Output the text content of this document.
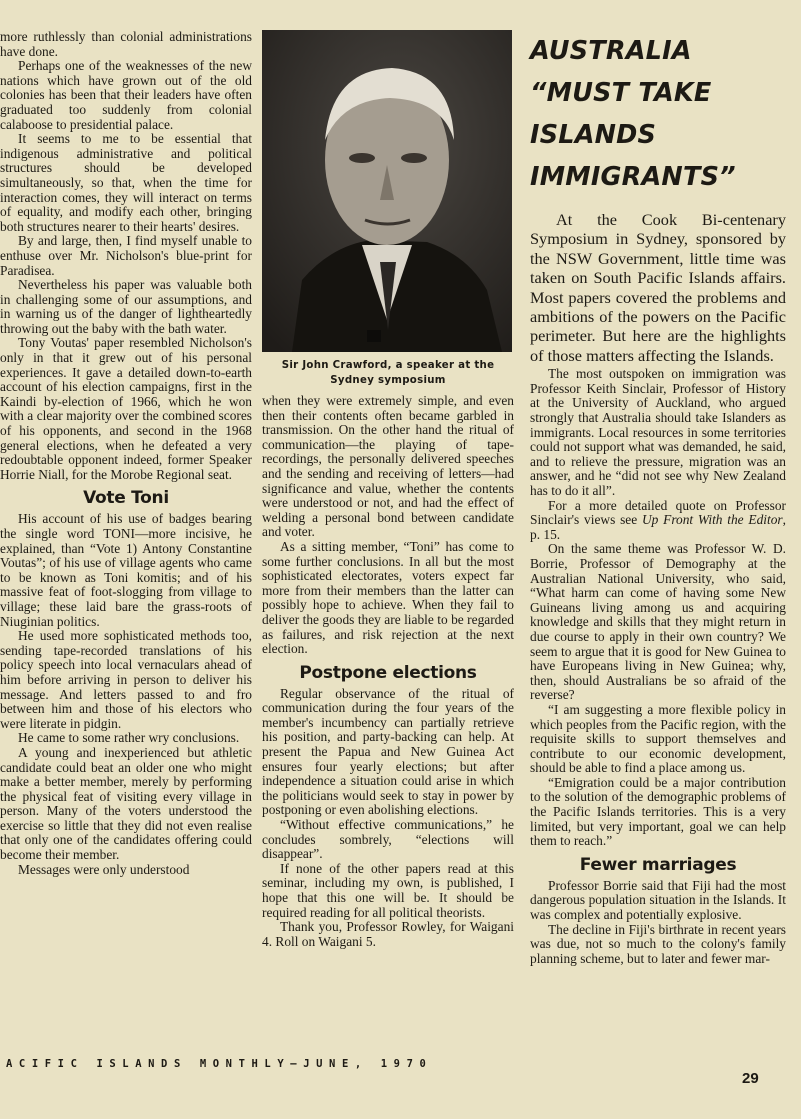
more ruthlessly than colonial administrations have done.

Perhaps one of the weaknesses of the new nations which have grown out of the old colonies has been that their leaders have often graduated too suddenly from colonial calaboose to presidential palace.

It seems to me to be essential that indigenous administrative and political structures should be developed simultaneously, so that, when the time for interaction comes, they will interact on terms of equality, and modify each other, bringing both structures nearer to their hearts' desires.

By and large, then, I find myself unable to enthuse over Mr. Nicholson's blue-print for Paradisea.

Nevertheless his paper was valuable both in challenging some of our assumptions, and in warning us of the danger of lightheartedly throwing out the baby with the bath water.

Tony Voutas' paper resembled Nicholson's only in that it grew out of his personal experiences. It gave a detailed down-to-earth account of his election campaigns, first in the Kaindi by-election of 1966, which he won with a clear majority over the combined scores of his opponents, and second in the 1968 general elections, when he defeated a very redoubtable opponent indeed, former Speaker Horrie Niall, for the Morobe Regional seat.

Vote Toni

His account of his use of badges bearing the single word TONI—more incisive, he explained, than “Vote 1) Antony Constantine Voutas”; of his use of village agents who came to be known as Toni komitis; and of his massive feat of foot-slogging from village to village; these laid bare the grass-roots of Niuginian politics.

He used more sophisticated methods too, sending tape-recorded translations of his policy speech into local vernaculars ahead of him before arriving in person to deliver his message. And letters passed to and fro between him and those of his electors who were literate in pidgin.

He came to some rather wry conclusions.

A young and inexperienced but athletic candidate could beat an older one who might make a better member, merely by performing the physical feat of visiting every village in person. Many of the voters understood the exercise so little that they did not even realise that only one of the candidates offering could become their member.

Messages were only understood

Sir John Crawford, a speaker at the Sydney symposium

when they were extremely simple, and even then their contents often became garbled in transmission. On the other hand the ritual of communication—the playing of tape-recordings, the personally delivered speeches and the sending and receiving of letters—had significance and value, whether the contents were understood or not, and had the effect of welding a personal bond between candidate and voter.

As a sitting member, “Toni” has come to some further conclusions. In all but the most sophisticated electorates, voters expect far more from their members than the latter can possibly hope to achieve. When they fail to deliver the goods they are liable to be regarded as failures, and risk rejection at the next election.

Postpone elections

Regular observance of the ritual of communication during the four years of the member's incumbency can partially retrieve his position, and party-backing can help. At present the Papua and New Guinea Act ensures four yearly elections; but after independence a situation could arise in which the politicians would seek to stay in power by postponing or even abolishing elections.

“Without effective communications,” he concludes sombrely, “elections will disappear”.

If none of the other papers read at this seminar, including my own, is published, I hope that this one will be. It should be required reading for all political theorists.

Thank you, Professor Rowley, for Waigani 4. Roll on Waigani 5.

AUSTRALIA “MUST TAKE ISLANDS IMMIGRANTS”

At the Cook Bi-centenary Symposium in Sydney, sponsored by the NSW Government, little time was taken on South Pacific Islands affairs. Most papers covered the problems and ambitions of the powers on the Pacific perimeter. But here are the highlights of those matters affecting the Islands.

The most outspoken on immigration was Professor Keith Sinclair, Professor of History at the University of Auckland, who argued strongly that Australia should take Islanders as immigrants. Local resources in some territories could not support what was demanded, he said, and to relieve the pressure, migration was an answer, and he “did not see why New Zealand has to do it all”.

For a more detailed quote on Professor Sinclair's views see Up Front With the Editor, p. 15.

On the same theme was Professor W. D. Borrie, Professor of Demography at the Australian National University, who said, “What harm can come of having some New Guineans living among us and acquiring knowledge and skills that they might return in due course to apply in their own country? We seem to argue that it is good for New Guinea to have Europeans living in New Guinea; why, then, should Australians be so afraid of the reverse?

“I am suggesting a more flexible policy in which peoples from the Pacific region, with the requisite skills to support themselves and contribute to our economic development, should be able to find a place among us.

“Emigration could be a major contribution to the solution of the demographic problems of the Pacific Islands territories. This is a very limited, but very important, goal we can help them to reach.”

Fewer marriages

Professor Borrie said that Fiji had the most dangerous population situation in the Islands. It was complex and potentially explosive.

The decline in Fiji's birthrate in recent years was due, not so much to the colony's family planning scheme, but to later and fewer mar-

ACIFIC ISLANDS MONTHLY—JUNE, 1970
29
